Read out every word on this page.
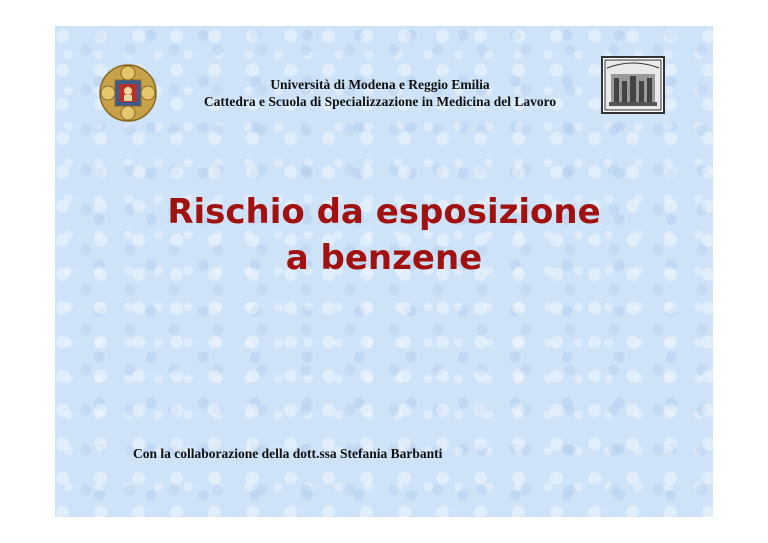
Università di Modena e Reggio Emilia
Cattedra e Scuola di Specializzazione in Medicina del Lavoro
Rischio da esposizione
a benzene
Con la collaborazione della dott.ssa Stefania Barbanti
